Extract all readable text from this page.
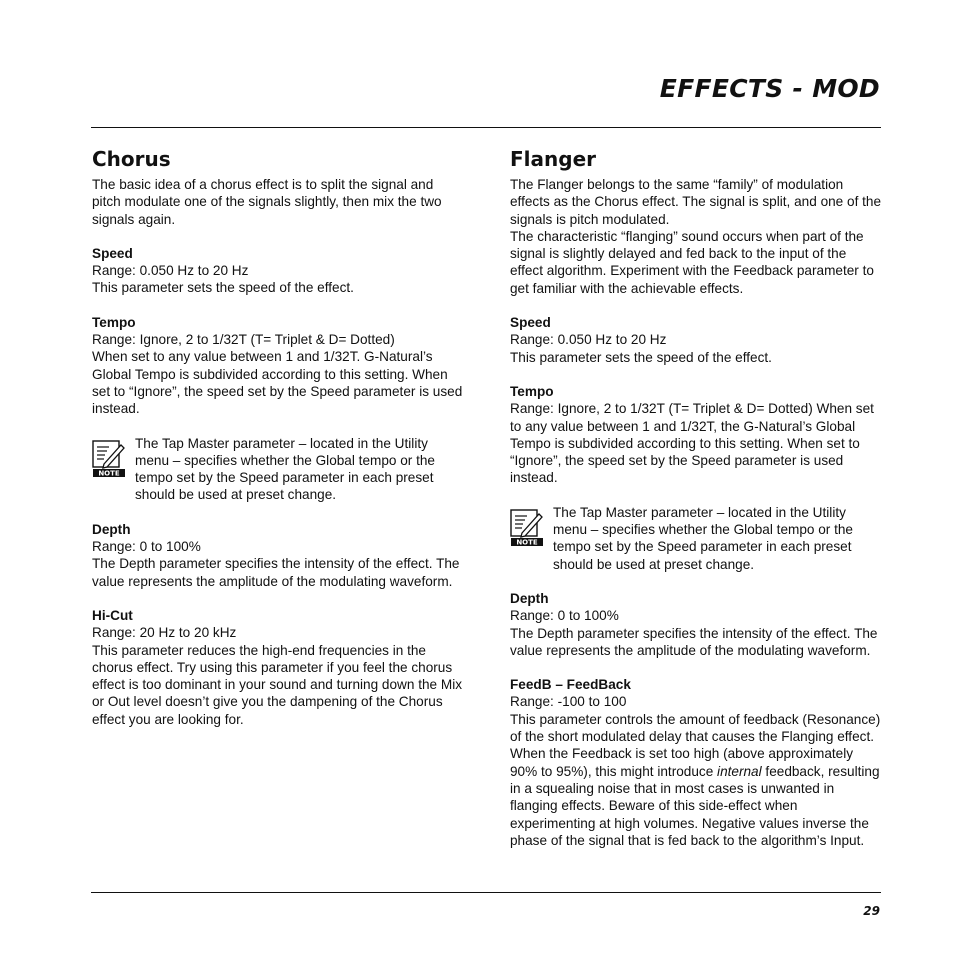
EFFECTS - MOD
Chorus

The basic idea of a chorus effect is to split the signal and pitch modulate one of the signals slightly, then mix the two signals again.

Speed
Range: 0.050 Hz to 20 Hz
This parameter sets the speed of the effect.
Tempo
Range: Ignore, 2 to 1/32T (T= Triplet & D= Dotted)
When set to any value between 1 and 1/32T. G-Natural’s Global Tempo is subdivided according to this setting. When set to “Ignore”, the speed set by the Speed parameter is used instead.
NOTE
The Tap Master parameter – located in the Utility menu – specifies whether the Global tempo or the tempo set by the Speed parameter in each preset should be used at preset change.
Depth
Range: 0 to 100%
The Depth parameter specifies the intensity of the effect. The value represents the amplitude of the modulating waveform.
Hi-Cut
Range: 20 Hz to 20 kHz
This parameter reduces the high-end frequencies in the chorus effect. Try using this parameter if you feel the chorus effect is too dominant in your sound and turning down the Mix or Out level doesn’t give you the dampening of the Chorus effect you are looking for.
Flanger

The Flanger belongs to the same “family” of modulation effects as the Chorus effect. The signal is split, and one of the signals is pitch modulated.

The characteristic “flanging” sound occurs when part of the signal is slightly delayed and fed back to the input of the effect algorithm. Experiment with the Feedback parameter to get familiar with the achievable effects.

Speed
Range: 0.050 Hz to 20 Hz
This parameter sets the speed of the effect.
Tempo
Range: Ignore, 2 to 1/32T (T= Triplet & D= Dotted) When set to any value between 1 and 1/32T, the G-Natural’s Global Tempo is subdivided according to this setting. When set to “Ignore”, the speed set by the Speed parameter is used instead.
NOTE
The Tap Master parameter – located in the Utility menu – specifies whether the Global tempo or the tempo set by the Speed parameter in each preset should be used at preset change.
Depth
Range: 0 to 100%
The Depth parameter specifies the intensity of the effect. The value represents the amplitude of the modulating waveform.
FeedB – FeedBack
Range: -100 to 100
This parameter controls the amount of feedback (Resonance) of the short modulated delay that causes the Flanging effect. When the Feedback is set too high (above approximately 90% to 95%), this might introduce internal feedback, resulting in a squealing noise that in most cases is unwanted in flanging effects. Beware of this side-effect when experimenting at high volumes. Negative values inverse the phase of the signal that is fed back to the algorithm’s Input.
29
